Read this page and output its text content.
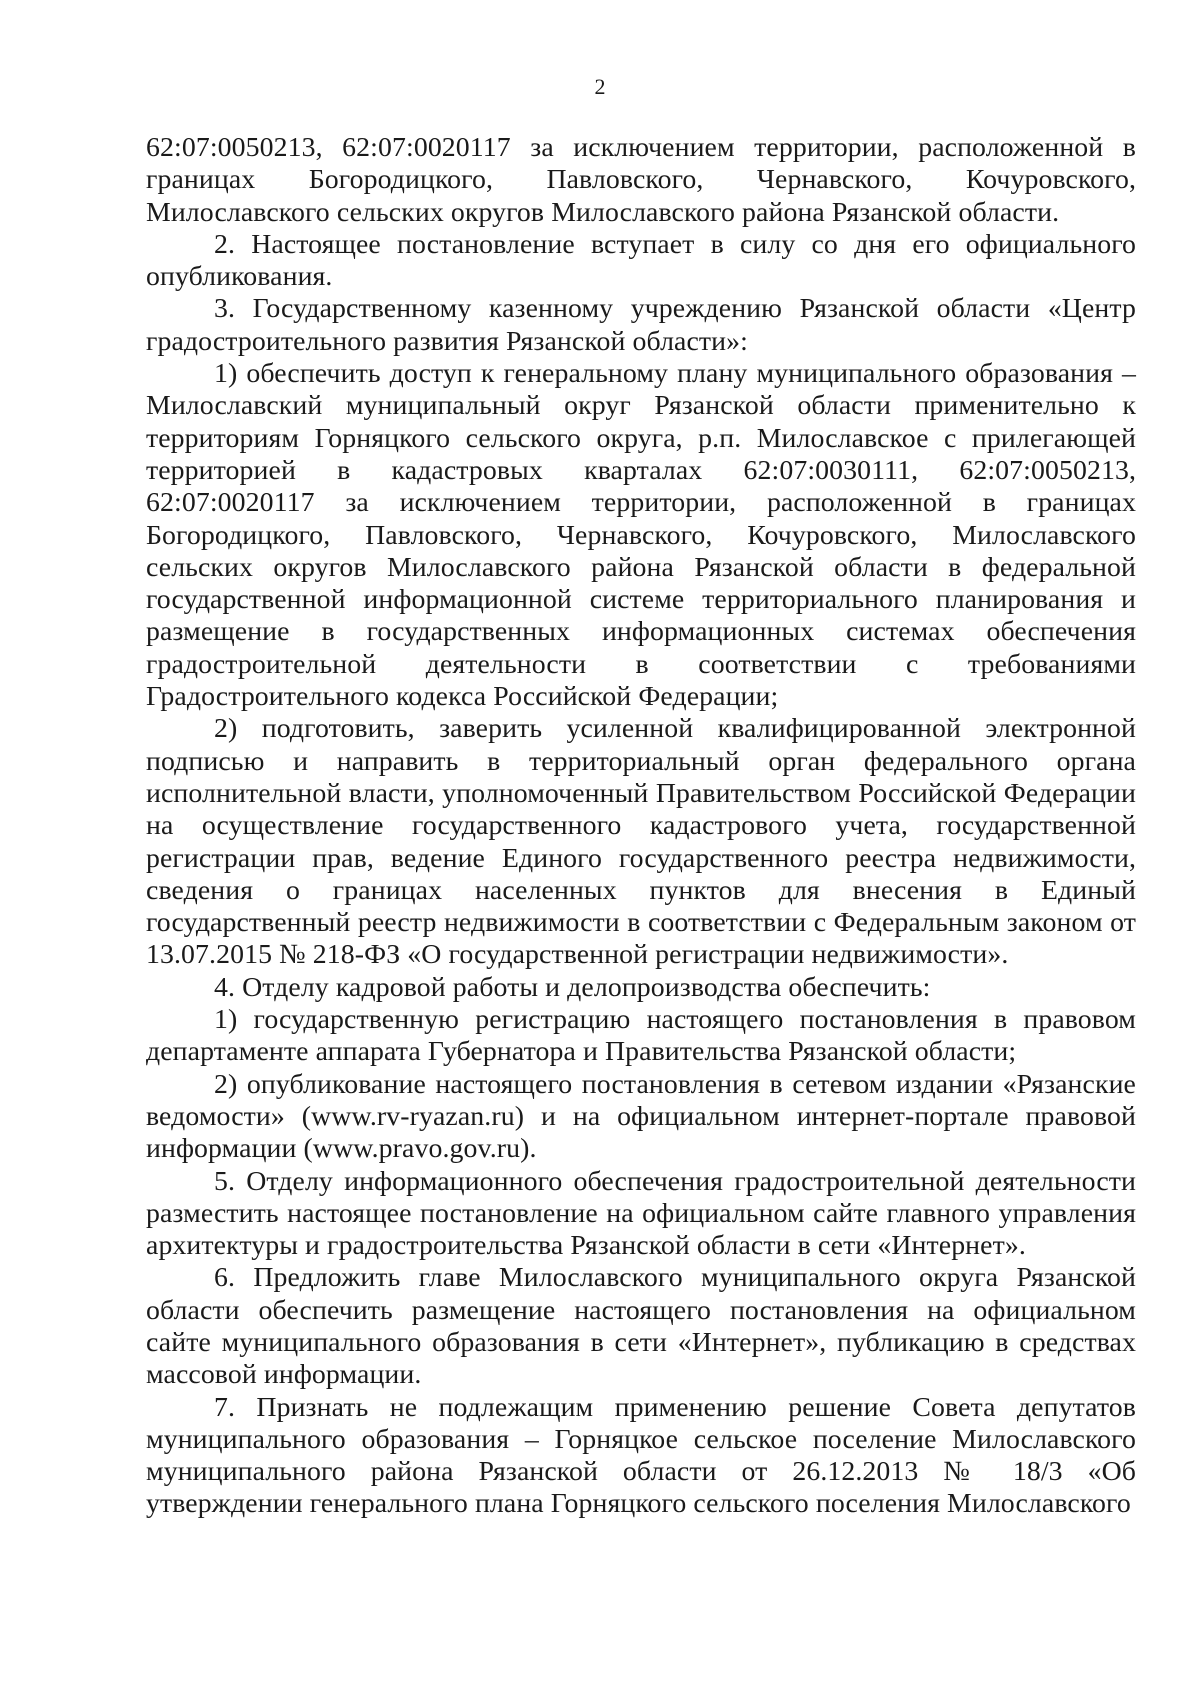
2

62:07:0050213, 62:07:0020117 за исключением территории, расположенной в границах Богородицкого, Павловского, Чернавского, Кочуровского, Милославского сельских округов Милославского района Рязанской области.

2. Настоящее постановление вступает в силу со дня его официального опубликования.

3. Государственному казенному учреждению Рязанской области «Центр градостроительного развития Рязанской области»:

1) обеспечить доступ к генеральному плану муниципального образования – Милославский муниципальный округ Рязанской области применительно к территориям Горняцкого сельского округа, р.п. Милославское с прилегающей территорией в кадастровых кварталах 62:07:0030111, 62:07:0050213, 62:07:0020117 за исключением территории, расположенной в границах Богородицкого, Павловского, Чернавского, Кочуровского, Милославского сельских округов Милославского района Рязанской области в федеральной государственной информационной системе территориального планирования и размещение в государственных информационных системах обеспечения градостроительной деятельности в соответствии с требованиями Градостроительного кодекса Российской Федерации;

2) подготовить, заверить усиленной квалифицированной электронной подписью и направить в территориальный орган федерального органа исполнительной власти, уполномоченный Правительством Российской Федерации на осуществление государственного кадастрового учета, государственной регистрации прав, ведение Единого государственного реестра недвижимости, сведения о границах населенных пунктов для внесения в Единый государственный реестр недвижимости в соответствии с Федеральным законом от 13.07.2015 № 218-ФЗ «О государственной регистрации недвижимости».

4. Отделу кадровой работы и делопроизводства обеспечить:

1) государственную регистрацию настоящего постановления в правовом департаменте аппарата Губернатора и Правительства Рязанской области;

2) опубликование настоящего постановления в сетевом издании «Рязанские ведомости» (www.rv-ryazan.ru) и на официальном интернет-портале правовой информации (www.pravo.gov.ru).

5. Отделу информационного обеспечения градостроительной деятельности разместить настоящее постановление на официальном сайте главного управления архитектуры и градостроительства Рязанской области в сети «Интернет».

6. Предложить главе Милославского муниципального округа Рязанской области обеспечить размещение настоящего постановления на официальном сайте муниципального образования в сети «Интернет», публикацию в средствах массовой информации.

7. Признать не подлежащим применению решение Совета депутатов муниципального образования – Горняцкое сельское поселение Милославского муниципального района Рязанской области от 26.12.2013 № 18/3 «Об утверждении генерального плана Горняцкого сельского поселения Милославского
